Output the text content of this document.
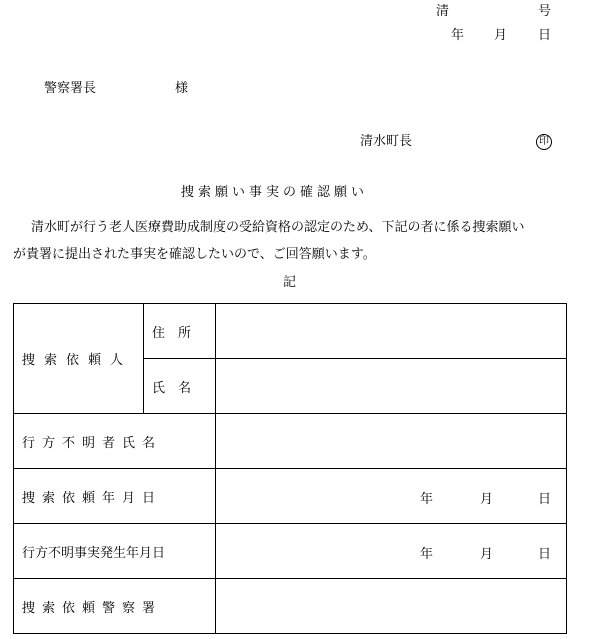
清	号
年 月 日
警察署長	様
清水町長	印
捜索願い事実の確認願い
清水町が行う老人医療費助成制度の受給資格の認定のため、下記の者に係る捜索願い
が貴署に提出された事実を確認したいので、ご回答願います。
記
捜索依頼人	住　所	
	氏　名	
行方不明者氏名		
捜索依頼年月日		年 月 日

行方不明事実発生年月日		年 月 日

捜索依頼警察署		
